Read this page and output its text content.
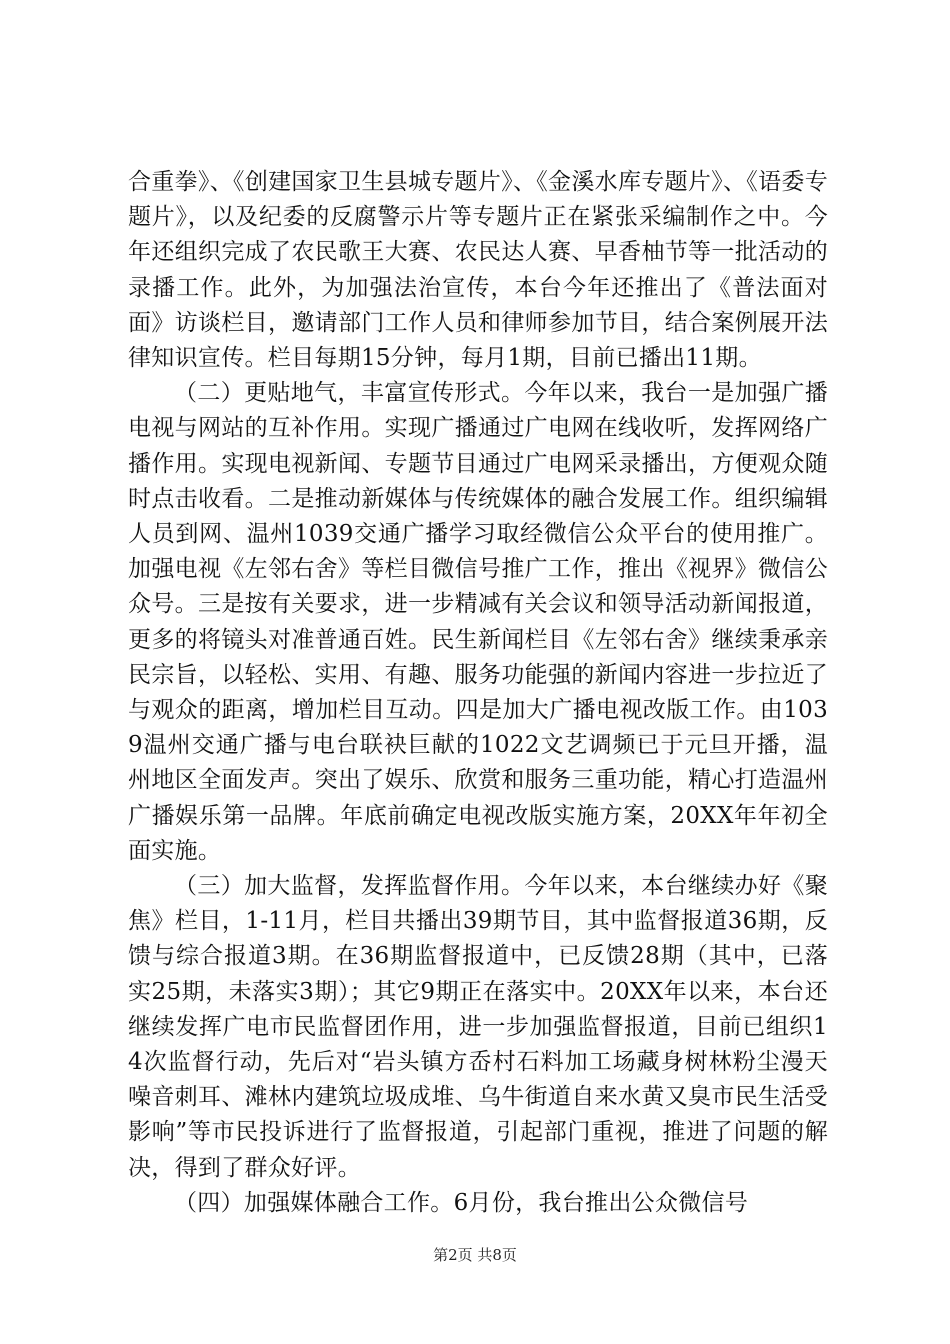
合重拳》、《创建国家卫生县城专题片》、《金溪水库专题片》、《语委专题片》，以及纪委的反腐警示片等专题片正在紧张采编制作之中。今年还组织完成了农民歌王大赛、农民达人赛、早香柚节等一批活动的录播工作。此外，为加强法治宣传，本台今年还推出了《普法面对面》访谈栏目，邀请部门工作人员和律师参加节目，结合案例展开法律知识宣传。栏目每期15分钟，每月1期，目前已播出11期。

（二）更贴地气，丰富宣传形式。今年以来，我台一是加强广播电视与网站的互补作用。实现广播通过广电网在线收听，发挥网络广播作用。实现电视新闻、专题节目通过广电网采录播出，方便观众随时点击收看。二是推动新媒体与传统媒体的融合发展工作。组织编辑人员到网、温州1039交通广播学习取经微信公众平台的使用推广。加强电视《左邻右舍》等栏目微信号推广工作，推出《视界》微信公众号。三是按有关要求，进一步精减有关会议和领导活动新闻报道，更多的将镜头对准普通百姓。民生新闻栏目《左邻右舍》继续秉承亲民宗旨，以轻松、实用、有趣、服务功能强的新闻内容进一步拉近了与观众的距离，增加栏目互动。四是加大广播电视改版工作。由1039温州交通广播与电台联袂巨献的1022文艺调频已于元旦开播，温州地区全面发声。突出了娱乐、欣赏和服务三重功能，精心打造温州广播娱乐第一品牌。年底前确定电视改版实施方案，20XX年年初全面实施。

（三）加大监督，发挥监督作用。今年以来，本台继续办好《聚焦》栏目，1-11月，栏目共播出39期节目，其中监督报道36期，反馈与综合报道3期。在36期监督报道中，已反馈28期（其中，已落实25期，未落实3期）；其它9期正在落实中。20XX年以来，本台还继续发挥广电市民监督团作用，进一步加强监督报道，目前已组织14次监督行动，先后对“岩头镇方岙村石料加工场藏身树林粉尘漫天噪音刺耳、滩林内建筑垃圾成堆、乌牛街道自来水黄又臭市民生活受影响”等市民投诉进行了监督报道，引起部门重视，推进了问题的解决，得到了群众好评。

（四）加强媒体融合工作。6月份，我台推出公众微信号

第2页 共8页
